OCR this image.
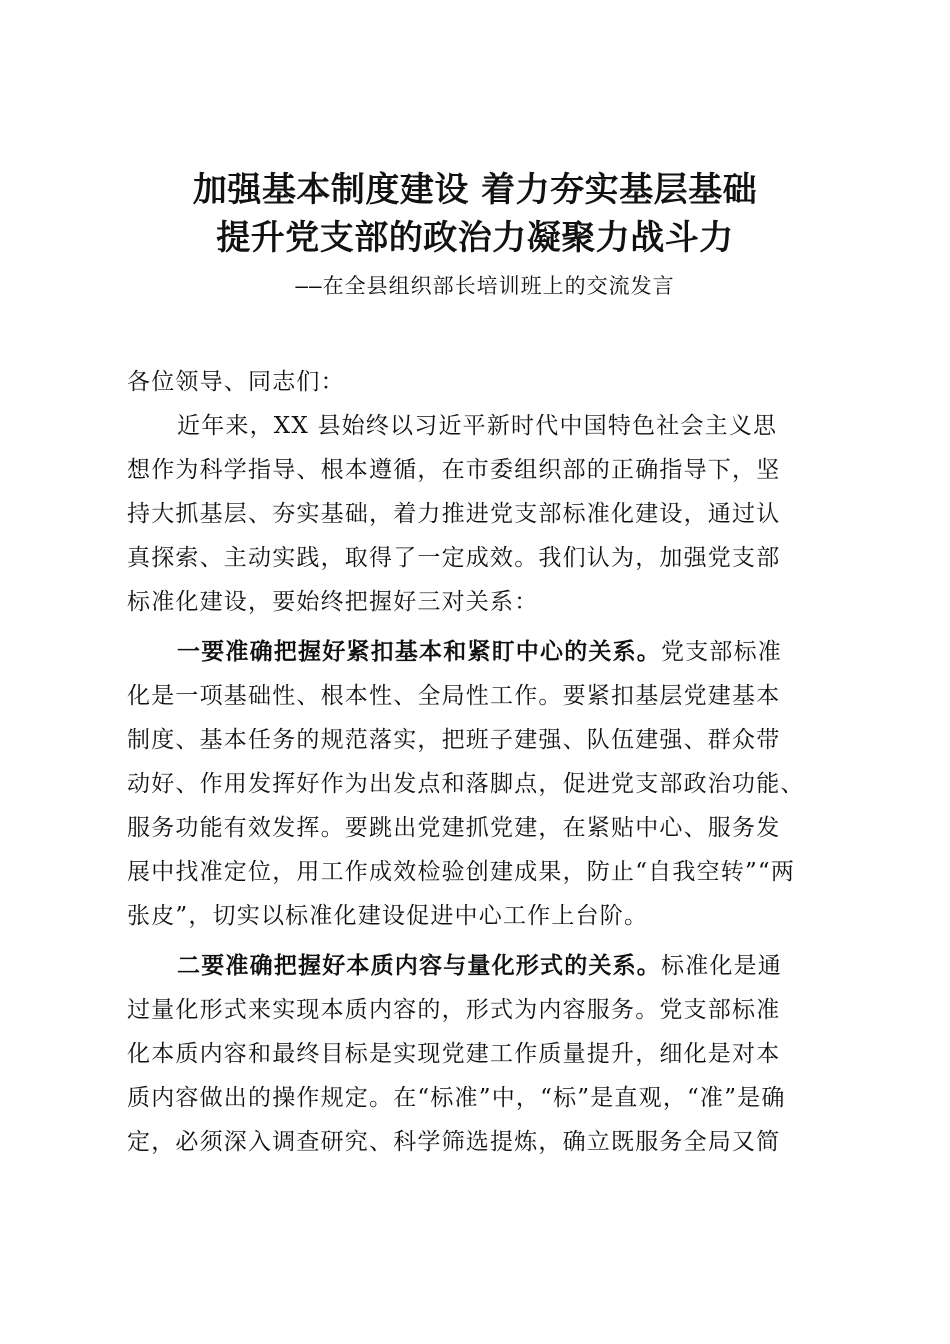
加强基本制度建设 着力夯实基层基础
提升党支部的政治力凝聚力战斗力
——在全县组织部长培训班上的交流发言
各位领导、同志们：
近年来，XX 县始终以习近平新时代中国特色社会主义思
想作为科学指导、根本遵循，在市委组织部的正确指导下，坚
持大抓基层、夯实基础，着力推进党支部标准化建设，通过认
真探索、主动实践，取得了一定成效。我们认为，加强党支部
标准化建设，要始终把握好三对关系：
一要准确把握好紧扣基本和紧盯中心的关系。党支部标准
化是一项基础性、根本性、全局性工作。要紧扣基层党建基本
制度、基本任务的规范落实，把班子建强、队伍建强、群众带
动好、作用发挥好作为出发点和落脚点，促进党支部政治功能、
服务功能有效发挥。要跳出党建抓党建，在紧贴中心、服务发
展中找准定位，用工作成效检验创建成果，防止“自我空转”“两
张皮”，切实以标准化建设促进中心工作上台阶。
二要准确把握好本质内容与量化形式的关系。标准化是通
过量化形式来实现本质内容的，形式为内容服务。党支部标准
化本质内容和最终目标是实现党建工作质量提升，细化是对本
质内容做出的操作规定。在“标准”中，“标”是直观，“准”是确
定，必须深入调查研究、科学筛选提炼，确立既服务全局又简
